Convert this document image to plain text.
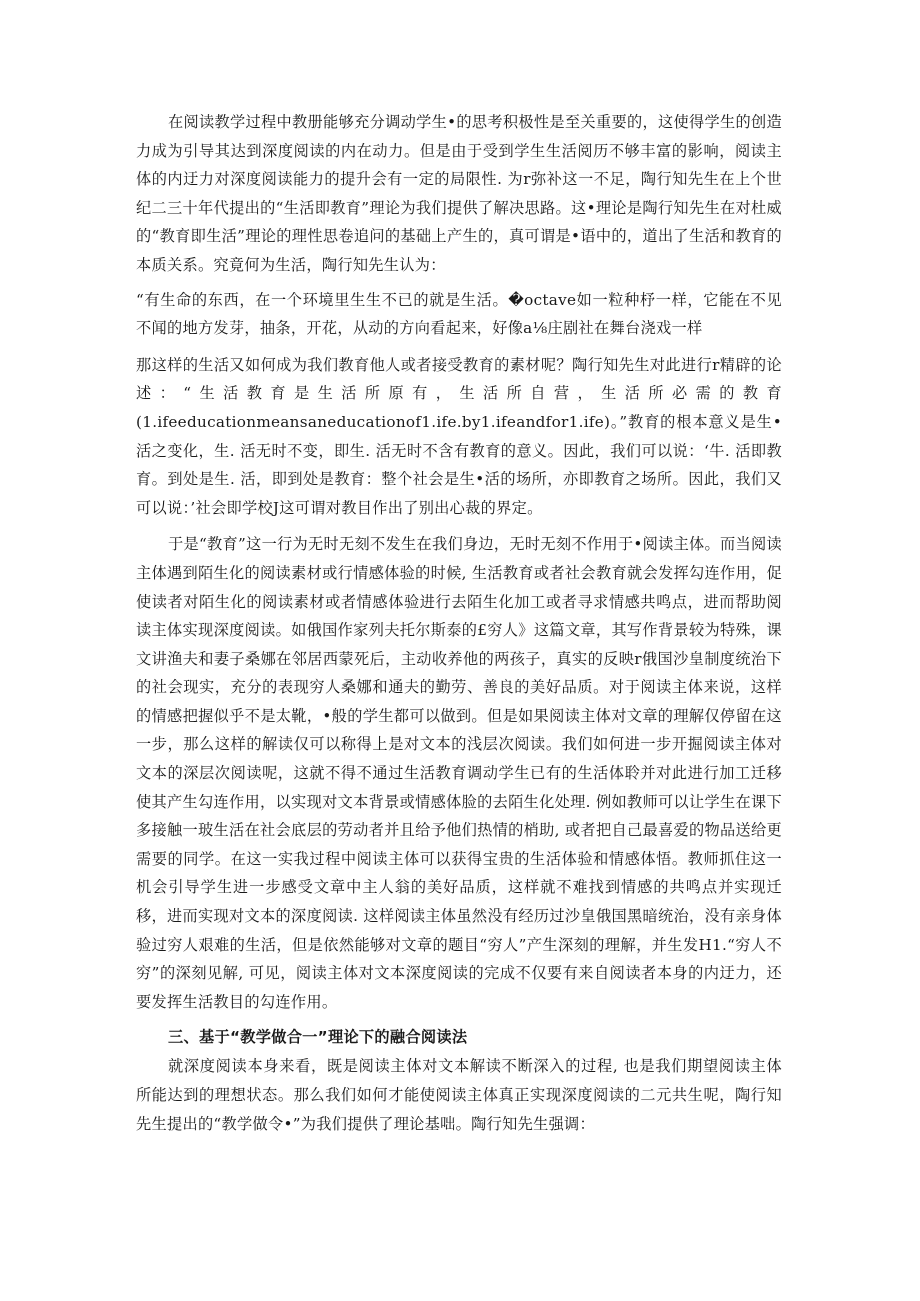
在阅读教学过程中教册能够充分调动学生•的思考积极性是至关重要的，这使得学生的创造力成为引导其达到深度阅读的内在动力。但是由于受到学生生活阅历不够丰富的影响，阅读主体的内迂力对深度阅读能力的提升会有一定的局限性. 为r弥补这一不足，陶行知先生在上个世纪二三十年代提出的“生活即教育”理论为我们提供了解决思路。这•理论是陶行知先生在对杜威的“教育即生活”理论的理性思卷追问的基础上产生的，真可谓是•语中的，道出了生活和教育的本质关系。究竟何为生活，陶行知先生认为：

“有生命的东西，在一个环境里生生不已的就是生活。�octave如一粒种杼一样，它能在不见不闻的地方发芽，抽条，开花，从动的方向看起来，好像a⅛庄剧社在舞台浇戏一样

那这样的生活又如何成为我们教育他人或者接受教育的素材呢？陶行知先生对此进行r精辟的论述：“生活教育是生活所原有，生活所自营，生活所必需的教育(1.ifeeducationmeansaneducationof1.ife.by1.ifeandfor1.ife)。”教育的根本意义是生•活之变化，生. 活无时不变，即生. 活无时不含有教育的意义。因此，我们可以说：‘牛. 活即教育。到处是生. 活，即到处是教育：整个社会是生•活的场所，亦即教育之场所。因此，我们又可以说：’社会即学校J这可谓对教目作出了别出心裁的界定。

于是“教育”这一行为无时无刻不发生在我们身边，无时无刻不作用于•阅读主体。而当阅读主体遇到陌生化的阅读素材或行情感体验的时候, 生活教育或者社会教育就会发挥勾连作用，促使读者对陌生化的阅读素材或者情感体验进行去陌生化加工或者寻求情感共鸣点，进而帮助阅读主体实现深度阅读。如俄国作家列夫托尔斯泰的£穷人》这篇文章，其写作背景较为特殊，课文讲渔夫和妻子桑娜在邻居西蒙死后，主动收养他的两孩子，真实的反映r俄国沙皇制度统治下的社会现实，充分的表现穷人桑娜和通夫的勤劳、善良的美好品质。对于阅读主体来说，这样的情感把握似乎不是太靴，•般的学生都可以做到。但是如果阅读主体对文章的理解仅停留在这一步，那么这样的解读仅可以称得上是对文本的浅层次阅读。我们如何进一步开掘阅读主体对文本的深层次阅读呢，这就不得不通过生活教育调动学生已有的生活体聆并对此进行加工迁移使其产生勾连作用，以实现对文本背景或情感体脸的去陌生化处理. 例如教师可以让学生在课下多接触一玻生活在社会底层的劳动者并且给予他们热情的梢助, 或者把自己最喜爱的物品送给更需要的同学。在这一实我过程中阅读主体可以获得宝贵的生活体验和情感体悟。教师抓住这一机会引导学生进一步感受文章中主人翁的美好品质，这样就不难找到情感的共鸣点并实现迁移，进而实现对文本的深度阅读. 这样阅读主体虽然没有经历过沙皇俄国黑暗统治，没有亲身体验过穷人艰难的生活，但是依然能够对文章的题目“穷人”产生深刻的理解，并生发H1.“穷人不穷”的深刻见解, 可见，阅读主体对文本深度阅读的完成不仅要有来自阅读者本身的内迂力，还要发挥生活教目的勾连作用。

三、基于“教学做合一”理论下的融合阅读法

就深度阅读本身来看，既是阅读主体对文本解读不断深入的过程, 也是我们期望阅读主体所能达到的理想状态。那么我们如何才能使阅读主体真正实现深度阅读的二元共生呢，陶行知先生提出的“教学做令•”为我们提供了理论基咄。陶行知先生强调：
